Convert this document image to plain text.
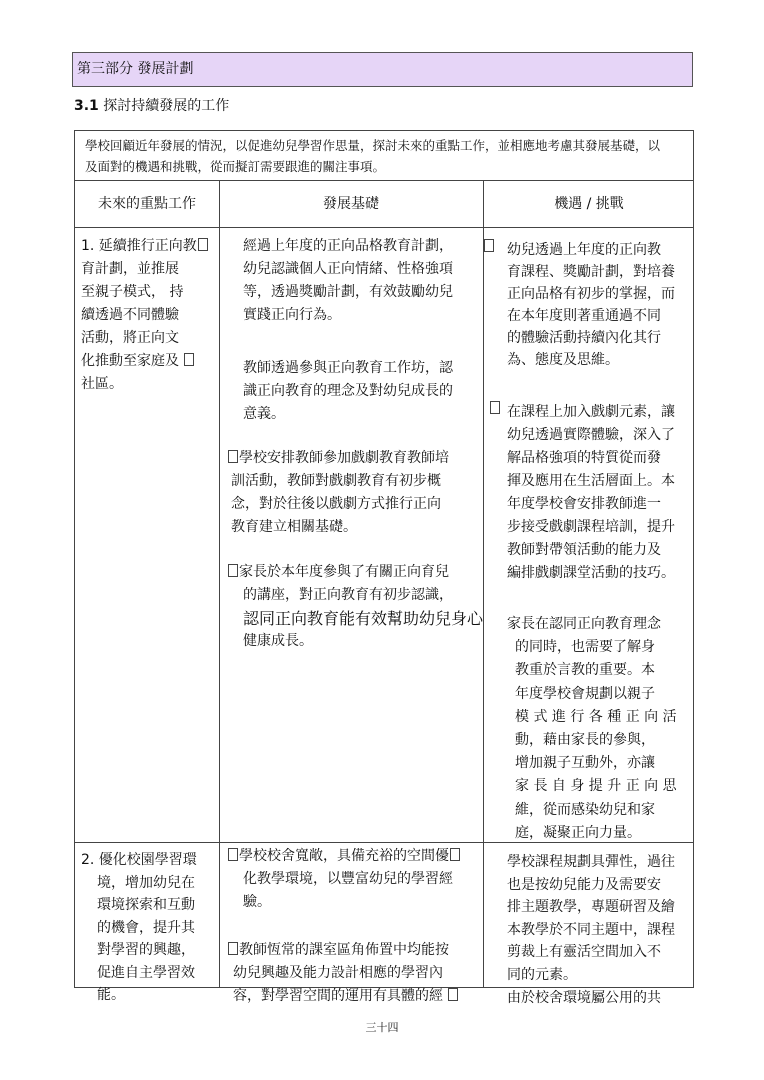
第三部分 發展計劃
3.1 探討持續發展的工作
學校回顧近年發展的情況，以促進幼兒學習作思量，探討未來的重點工作，並相應地考慮其發展基礎，以
及面對的機遇和挑戰，從而擬訂需要跟進的關注事項。
未來的重點工作	發展基礎	機遇 / 挑戰

1. 延續推行正向教

育計劃，並推展

至親子模式， 持

續透過不同體驗

活動，將正向文

化推動至家庭及

社區。

經過上年度的正向品格教育計劃，

幼兒認識個人正向情緒、性格強項

等，透過獎勵計劃，有效鼓勵幼兒

實踐正向行為。

教師透過參與正向教育工作坊，認

識正向教育的理念及對幼兒成長的

意義。

學校安排教師參加戲劇教育教師培

訓活動，教師對戲劇教育有初步概

念，對於往後以戲劇方式推行正向

教育建立相關基礎。

家長於本年度參與了有關正向育兒

的講座，對正向教育有初步認識，

認同正向教育能有效幫助幼兒身心

健康成長。

幼兒透過上年度的正向教

育課程、獎勵計劃，對培養

正向品格有初步的掌握，而

在本年度則著重通過不同

的體驗活動持續內化其行

為、態度及思維。

在課程上加入戲劇元素，讓

幼兒透過實際體驗，深入了

解品格強項的特質從而發

揮及應用在生活層面上。本

年度學校會安排教師進一

步接受戲劇課程培訓，提升

教師對帶領活動的能力及

編排戲劇課堂活動的技巧。

家長在認同正向教育理念

的同時，也需要了解身

教重於言教的重要。本

年度學校會規劃以親子

模 式 進 行 各 種 正 向 活

動，藉由家長的參與，

增加親子互動外，亦讓

家 長 自 身 提 升 正 向 思

維，從而感染幼兒和家

庭，凝聚正向力量。

2. 優化校園學習環

境，增加幼兒在

環境探索和互動

的機會，提升其

對學習的興趣，

促進自主學習效

能。

學校校舍寬敞，具備充裕的空間優

化教學環境，以豐富幼兒的學習經

驗。

教師恆常的課室區角佈置中均能按

幼兒興趣及能力設計相應的學習內

容，對學習空間的運用有具體的經

學校課程規劃具彈性，過往

也是按幼兒能力及需要安

排主題教學，專題研習及繪

本教學於不同主題中，課程

剪裁上有靈活空間加入不

同的元素。

由於校舍環境屬公用的共

三十四
